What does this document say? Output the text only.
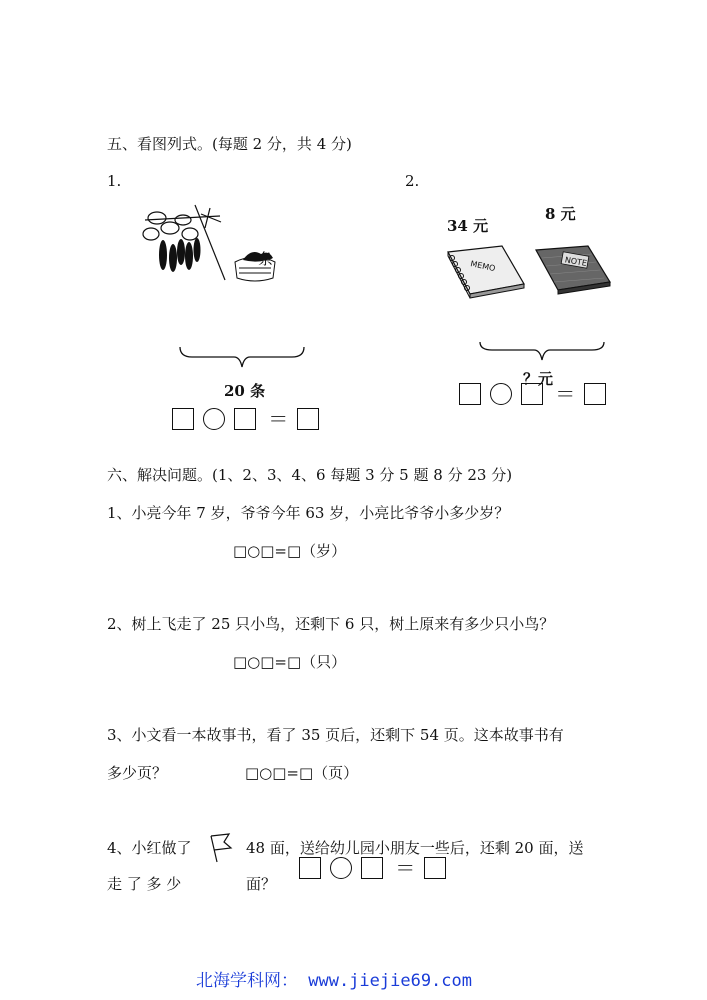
五、看图列式。(每题 2 分，共 4 分)
1.
条
20 条
＝
2.
8 元
34 元
MEMO	NOTE
？元
＝
六、解决问题。(1、2、3、4、6 每题 3 分 5 题 8 分 23 分)
1、小亮今年 7 岁，爷爷今年 63 岁，小亮比爷爷小多少岁？
□○□=□（岁）
2、树上飞走了 25 只小鸟，还剩下 6 只，树上原来有多少只小鸟？
□○□=□（只）
3、小文看一本故事书，看了 35 页后，还剩下 54 页。这本故事书有
多少页？	□○□=□（页）
4、小红做了	48 面，送给幼儿园小朋友一些后，还剩 20 面，送
走 了 多 少	面？
＝
北海学科网： www.jiejie69.com
